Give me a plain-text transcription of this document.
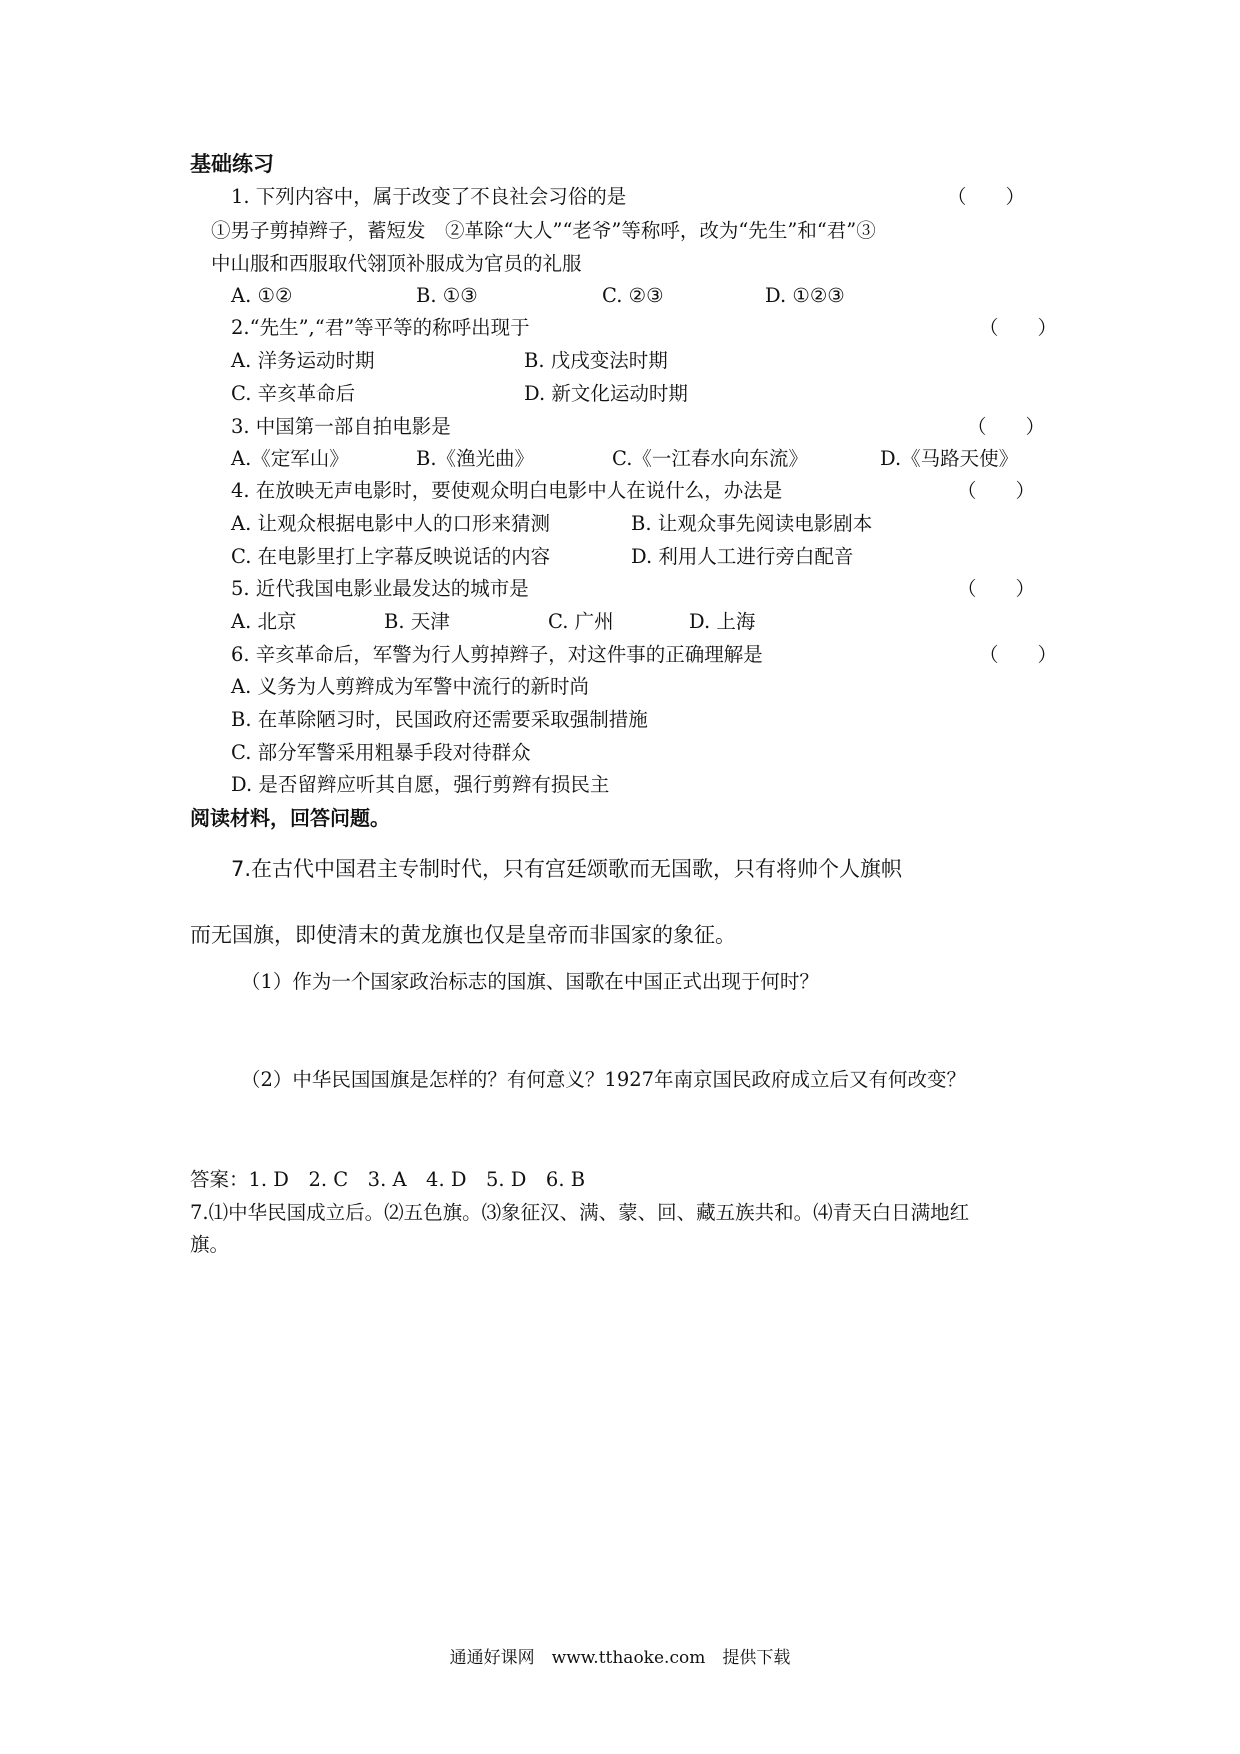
基础练习
1. 下列内容中，属于改变了不良社会习俗的是	（　　）
①男子剪掉辫子，蓄短发　②革除“大人”“老爷”等称呼，改为“先生”和“君”③
中山服和西服取代翎顶补服成为官员的礼服
A. ①②	B. ①③	C. ②③	D. ①②③
2.“先生”,“君”等平等的称呼出现于	（　　）
A. 洋务运动时期	B. 戊戌变法时期
C. 辛亥革命后	D. 新文化运动时期
3. 中国第一部自拍电影是	（　　）
A.《定军山》	B.《渔光曲》	C.《一江春水向东流》	D.《马路天使》
4. 在放映无声电影时，要使观众明白电影中人在说什么，办法是	（　　）
A. 让观众根据电影中人的口形来猜测	B. 让观众事先阅读电影剧本
C. 在电影里打上字幕反映说话的内容	D. 利用人工进行旁白配音
5. 近代我国电影业最发达的城市是	（　　）
A. 北京	B. 天津	C. 广州	D. 上海
6. 辛亥革命后，军警为行人剪掉辫子，对这件事的正确理解是	（　　）
A. 义务为人剪辫成为军警中流行的新时尚
B. 在革除陋习时，民国政府还需要采取强制措施
C. 部分军警采用粗暴手段对待群众
D. 是否留辫应听其自愿，强行剪辫有损民主
阅读材料，回答问题。
7.在古代中国君主专制时代，只有宫廷颂歌而无国歌，只有将帅个人旗帜
而无国旗，即使清末的黄龙旗也仅是皇帝而非国家的象征。
（1）作为一个国家政治标志的国旗、国歌在中国正式出现于何时？
（2）中华民国国旗是怎样的？有何意义？1927年南京国民政府成立后又有何改变？
答案：1. D　2. C　3. A　4. D　5. D　6. B
7.⑴中华民国成立后。⑵五色旗。⑶象征汉、满、蒙、回、藏五族共和。⑷青天白日满地红
旗。
通通好课网　www.tthaoke.com　提供下载
